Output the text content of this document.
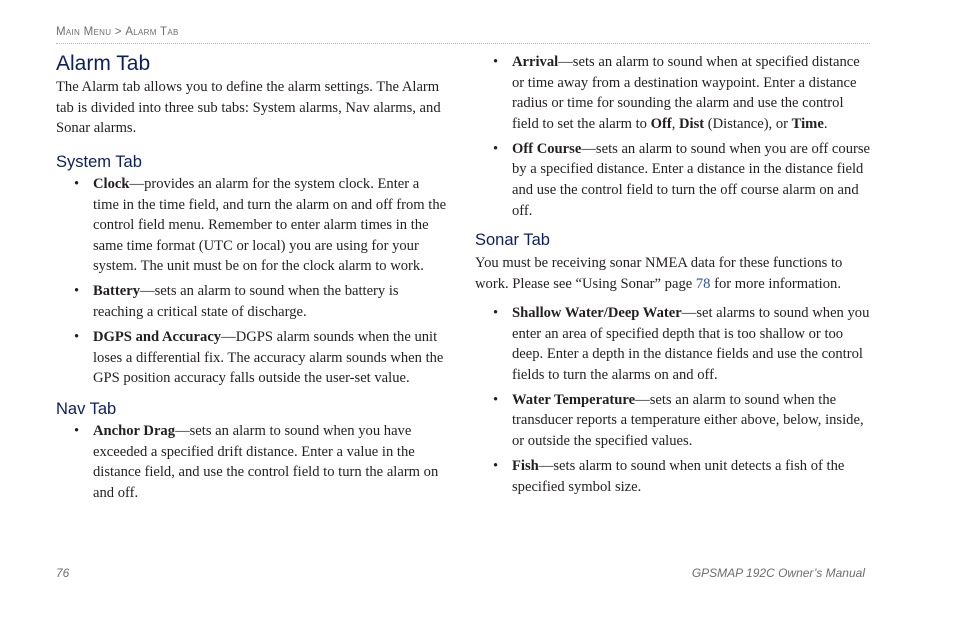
Main Menu > Alarm Tab
Alarm Tab

The Alarm tab allows you to define the alarm settings. The Alarm tab is divided into three sub tabs: System alarms, Nav alarms, and Sonar alarms.

System Tab
• Clock—provides an alarm for the system clock. Enter a time in the time field, and turn the alarm on and off from the control field menu. Remember to enter alarm times in the same time format (UTC or local) you are using for your system. The unit must be on for the clock alarm to work.
• Battery—sets an alarm to sound when the battery is reaching a critical state of discharge.
• DGPS and Accuracy—DGPS alarm sounds when the unit loses a differential fix. The accuracy alarm sounds when the GPS position accuracy falls outside the user-set value.
Nav Tab
• Anchor Drag—sets an alarm to sound when you have exceeded a specified drift distance. Enter a value in the distance field, and use the control field to turn the alarm on and off.
• Arrival—sets an alarm to sound when at specified distance or time away from a destination waypoint. Enter a distance radius or time for sounding the alarm and use the control field to set the alarm to Off, Dist (Distance), or Time.
• Off Course—sets an alarm to sound when you are off course by a specified distance. Enter a distance in the distance field and use the control field to turn the off course alarm on and off.
Sonar Tab

You must be receiving sonar NMEA data for these functions to work. Please see “Using Sonar” page 78 for more information.

• Shallow Water/Deep Water—set alarms to sound when you enter an area of specified depth that is too shallow or too deep. Enter a depth in the distance fields and use the control fields to turn the alarms on and off.
• Water Temperature—sets an alarm to sound when the transducer reports a temperature either above, below, inside, or outside the specified values.
• Fish—sets alarm to sound when unit detects a fish of the specified symbol size.
76	GPSMAP 192C Owner’s Manual
